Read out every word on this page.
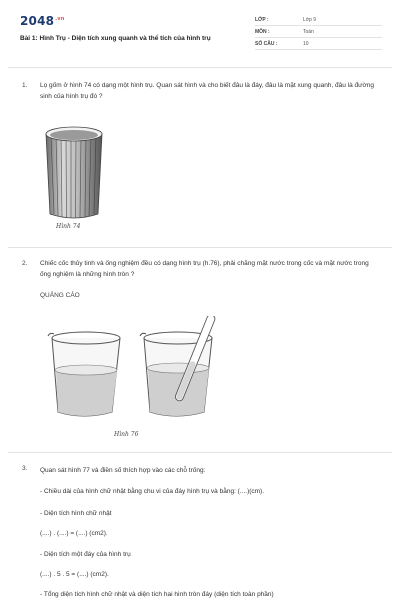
$2048^{.vn}$
Bài 1: Hình Trụ - Diện tích xung quanh và thể tích của hình trụ
LỚP :	Lớp 9
MÔN :	Toán
SỐ CÂU :	10
1. Lọ gốm ở hình 74 có dạng một hình trụ. Quan sát hình và cho biết đâu là đáy, đâu là mặt xung quanh, đâu là đường sinh của hình trụ đó ?
Hình 74
2. Chiếc cốc thủy tinh và ống nghiệm đều có dạng hình trụ (h.76), phải chăng mặt nước trong cốc và mặt nước trong ống nghiệm là những hình tròn ?
QUẢNG CÁO
Hình 76
3. Quan sát hình 77 và điền số thích hợp vào các chỗ trống:
- Chiều dài của hình chữ nhật bằng chu vi của đáy hình trụ và bằng: (....)(cm).
- Diện tích hình chữ nhật
(....) . (....) = (....) (cm2).
- Diện tích một đáy của hình trụ
(....) . 5 . 5 = (....) (cm2).
- Tổng diện tích hình chữ nhật và diện tích hai hình tròn đáy (diện tích toàn phần)
